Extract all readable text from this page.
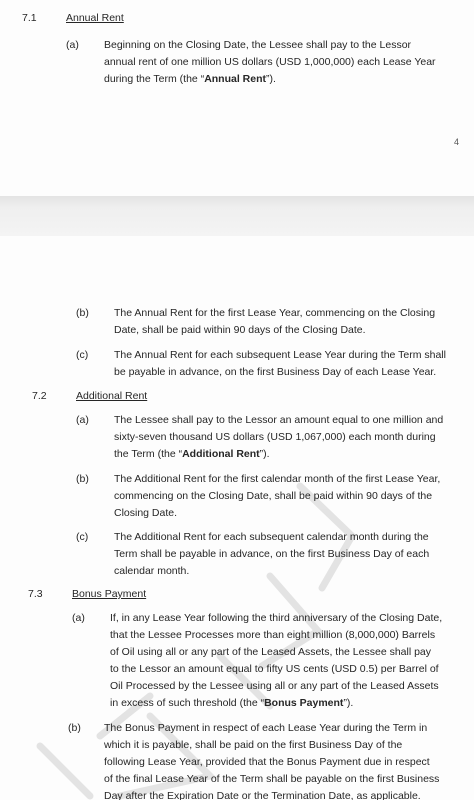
7.1	Annual Rent
(a) Beginning on the Closing Date, the Lessee shall pay to the Lessor
annual rent of one million US dollars (USD 1,000,000) each Lease Year
during the Term (the “Annual Rent”).
4
(b) The Annual Rent for the first Lease Year, commencing on the Closing
Date, shall be paid within 90 days of the Closing Date.
(c) The Annual Rent for each subsequent Lease Year during the Term shall
be payable in advance, on the first Business Day of each Lease Year.
7.2	Additional Rent
(a) The Lessee shall pay to the Lessor an amount equal to one million and
sixty-seven thousand US dollars (USD 1,067,000) each month during
the Term (the “Additional Rent”).
(b) The Additional Rent for the first calendar month of the first Lease Year,
commencing on the Closing Date, shall be paid within 90 days of the
Closing Date.
(c) The Additional Rent for each subsequent calendar month during the
Term shall be payable in advance, on the first Business Day of each
calendar month.
7.3	Bonus Payment
(a) If, in any Lease Year following the third anniversary of the Closing Date,
that the Lessee Processes more than eight million (8,000,000) Barrels
of Oil using all or any part of the Leased Assets, the Lessee shall pay
to the Lessor an amount equal to fifty US cents (USD 0.5) per Barrel of
Oil Processed by the Lessee using all or any part of the Leased Assets
in excess of such threshold (the “Bonus Payment”).
(b) The Bonus Payment in respect of each Lease Year during the Term in
which it is payable, shall be paid on the first Business Day of the
following Lease Year, provided that the Bonus Payment due in respect
of the final Lease Year of the Term shall be payable on the first Business
Day after the Expiration Date or the Termination Date, as applicable.
